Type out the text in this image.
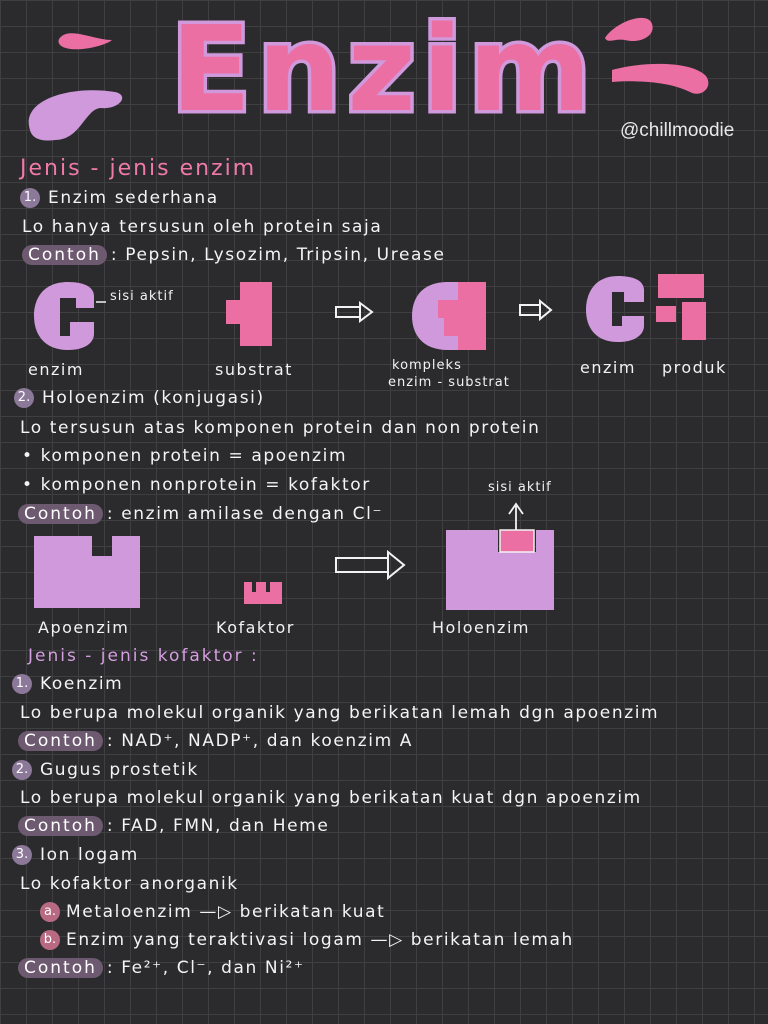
Enzim @chillmoodie
Jenis - jenis enzim
1. Enzim sederhana
Lo hanya tersusun oleh protein saja
Contoh : Pepsin, Lysozim, Tripsin, Urease
sisi aktif
enzim	substrat	kompleks
enzim - substrat
enzim produk
2. Holoenzim (konjugasi)
Lo tersusun atas komponen protein dan non protein
• komponen protein = apoenzim
• komponen nonprotein = kofaktor
Contoh : enzim amilase dengan Cl⁻
sisi aktif
Apoenzim	Kofaktor	Holoenzim
Jenis - jenis kofaktor :
1. Koenzim
Lo berupa molekul organik yang berikatan lemah dgn apoenzim
Contoh : NAD⁺, NADP⁺, dan koenzim A
2. Gugus prostetik
Lo berupa molekul organik yang berikatan kuat dgn apoenzim
Contoh : FAD, FMN, dan Heme
3. Ion logam
Lo kofaktor anorganik
a. Metaloenzim —▷ berikatan kuat
b. Enzim yang teraktivasi logam —▷ berikatan lemah
Contoh : Fe²⁺, Cl⁻, dan Ni²⁺
